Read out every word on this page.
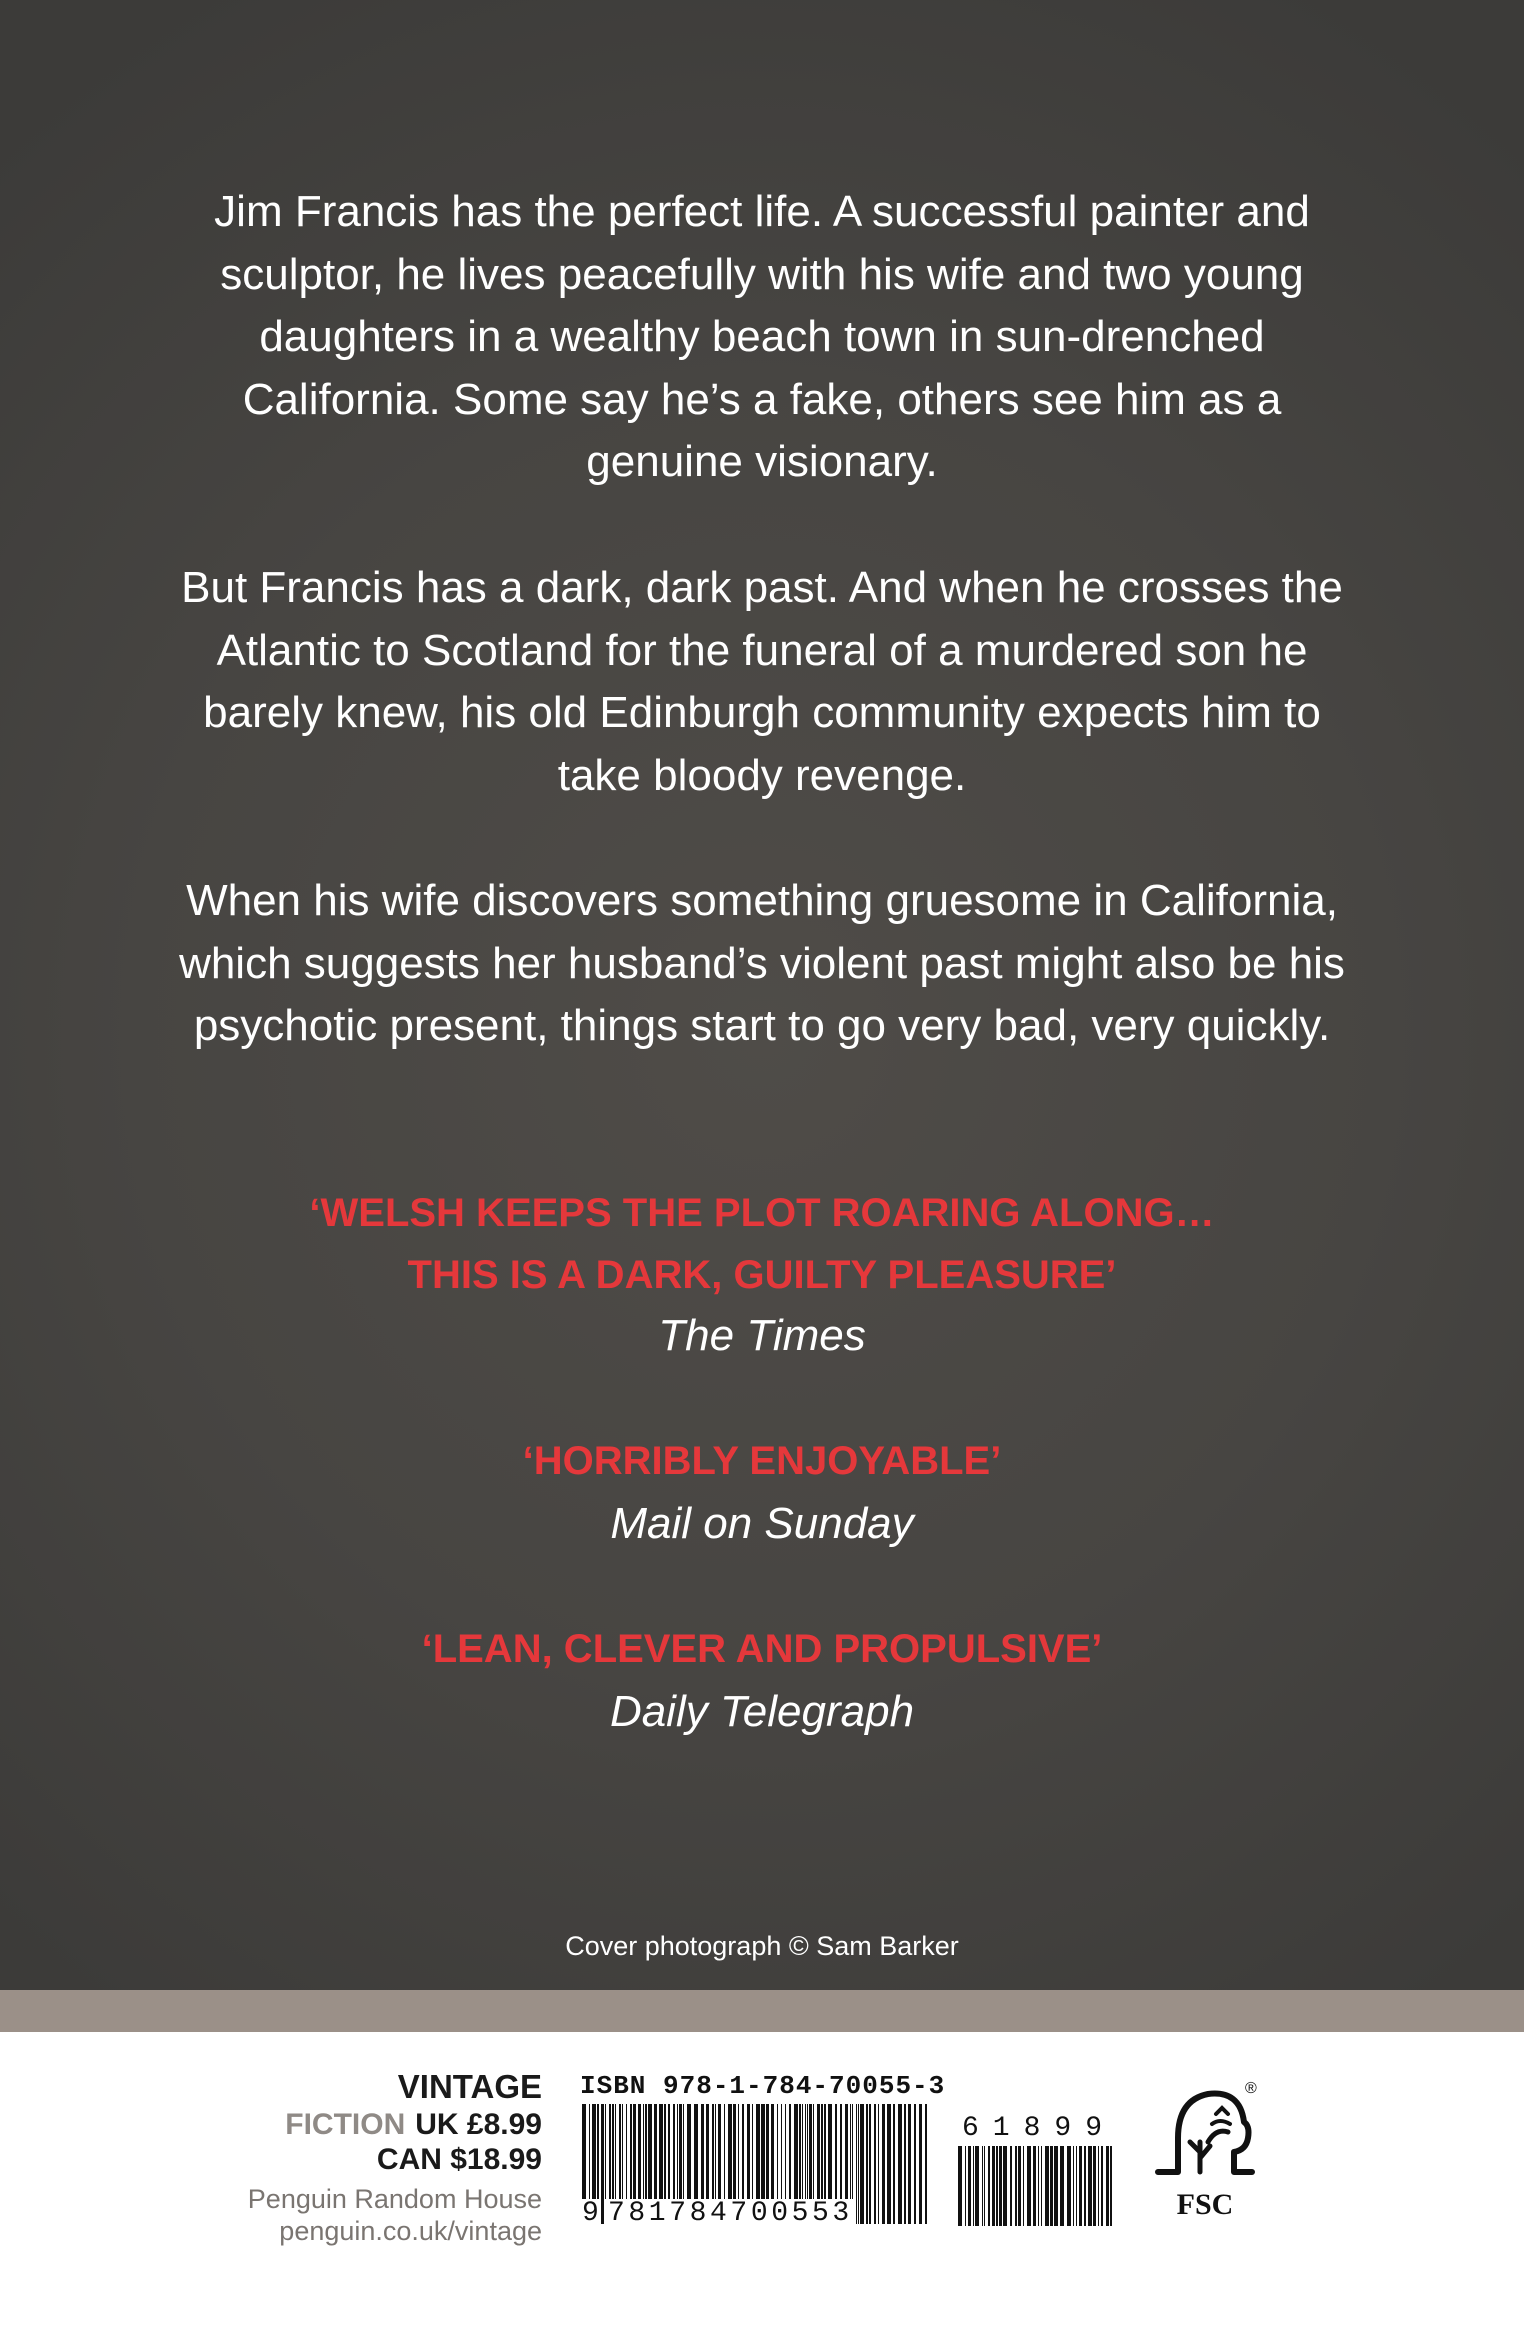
Jim Francis has the perfect life. A successful painter and sculptor, he lives peacefully with his wife and two young daughters in a wealthy beach town in sun-drenched California. Some say he’s a fake, others see him as a genuine visionary.

But Francis has a dark, dark past. And when he crosses the Atlantic to Scotland for the funeral of a murdered son he barely knew, his old Edinburgh community expects him to take bloody revenge.

When his wife discovers something gruesome in California, which suggests her husband’s violent past might also be his psychotic present, things start to go very bad, very quickly.

‘WELSH KEEPS THE PLOT ROARING ALONG…
THIS IS A DARK, GUILTY PLEASURE’

The Times

‘HORRIBLY ENJOYABLE’

Mail on Sunday

‘LEAN, CLEVER AND PROPULSIVE’

Daily Telegraph

Cover photograph © Sam Barker

VINTAGE

FICTION UK £8.99

CAN $18.99

Penguin Random House

penguin.co.uk/vintage

ISBN 978-1-784-70055-3

9 781784700553

61899

FSC

®
